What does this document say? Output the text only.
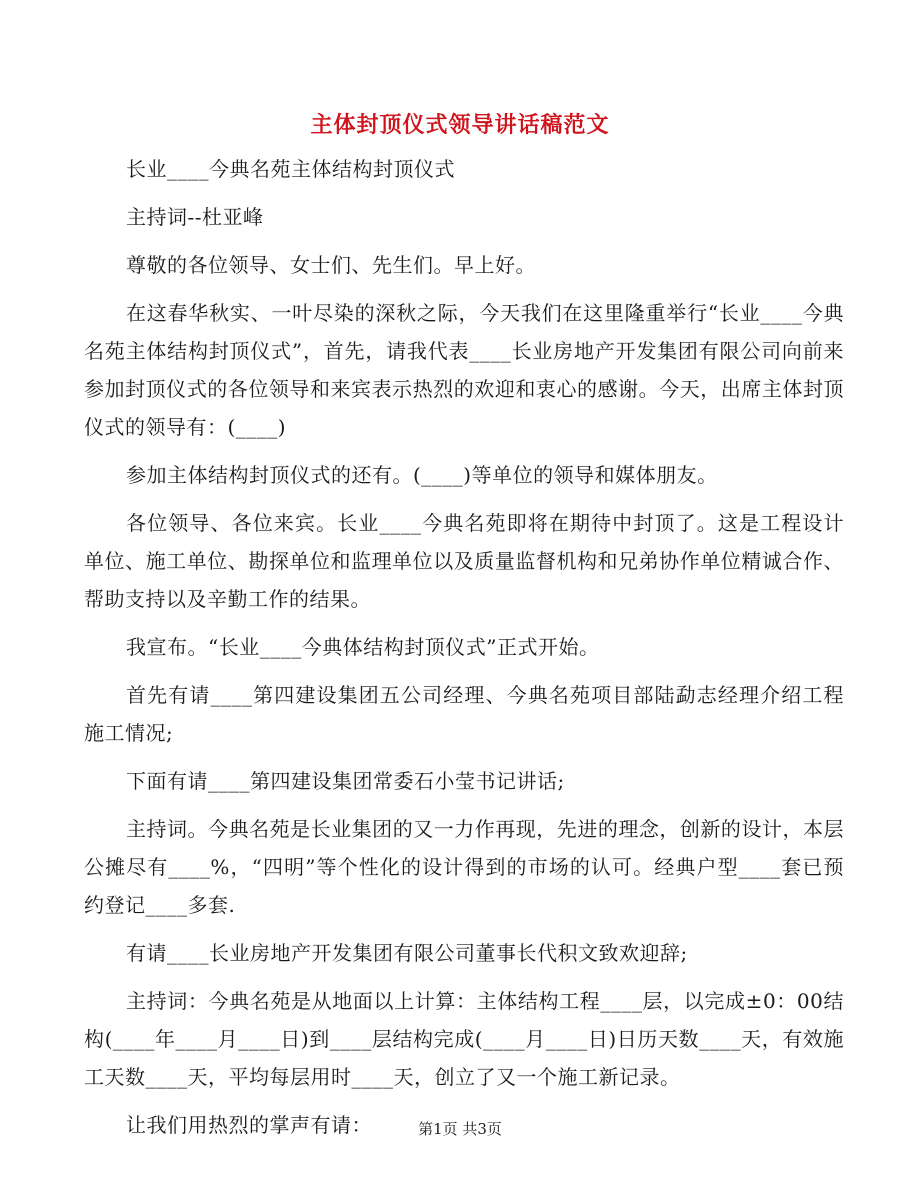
主体封顶仪式领导讲话稿范文

长业____今典名苑主体结构封顶仪式

主持词--杜亚峰

尊敬的各位领导、女士们、先生们。早上好。

在这春华秋实、一叶尽染的深秋之际，今天我们在这里隆重举行“长业____今典名苑主体结构封顶仪式”，首先，请我代表____长业房地产开发集团有限公司向前来参加封顶仪式的各位领导和来宾表示热烈的欢迎和衷心的感谢。今天，出席主体封顶仪式的领导有：(____)

参加主体结构封顶仪式的还有。(____)等单位的领导和媒体朋友。

各位领导、各位来宾。长业____今典名苑即将在期待中封顶了。这是工程设计单位、施工单位、勘探单位和监理单位以及质量监督机构和兄弟协作单位精诚合作、帮助支持以及辛勤工作的结果。

我宣布。“长业____今典体结构封顶仪式”正式开始。

首先有请____第四建设集团五公司经理、今典名苑项目部陆勐志经理介绍工程施工情况;

下面有请____第四建设集团常委石小莹书记讲话;

主持词。今典名苑是长业集团的又一力作再现，先进的理念，创新的设计，本层公摊尽有____%，“四明”等个性化的设计得到的市场的认可。经典户型____套已预约登记____多套.

有请____长业房地产开发集团有限公司董事长代积文致欢迎辞;

主持词：今典名苑是从地面以上计算：主体结构工程____层，以完成±0：00结构(____年____月____日)到____层结构完成(____月____日)日历天数____天，有效施工天数____天，平均每层用时____天，创立了又一个施工新记录。

让我们用热烈的掌声有请：	第1页 共3页
